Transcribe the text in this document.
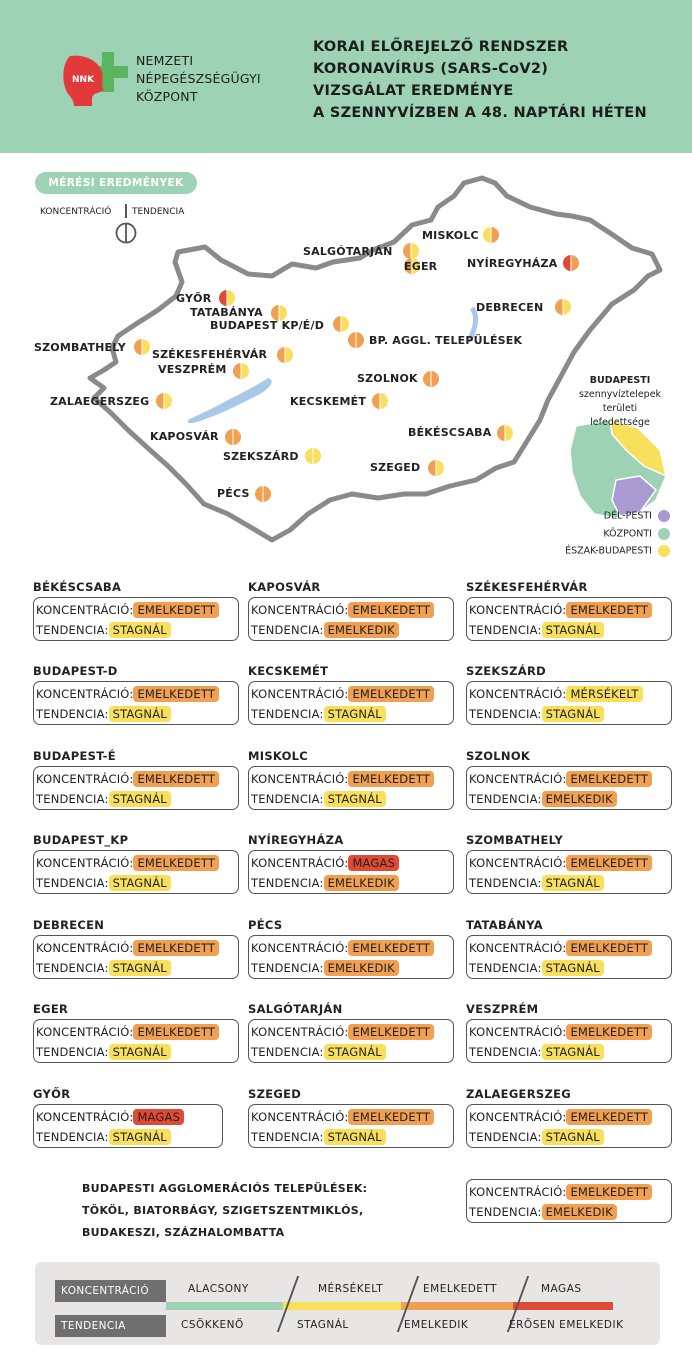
NNK
NEMZETI
NÉPEGÉSZSÉGÜGYI
KÖZPONT
KORAI ELŐREJELZŐ RENDSZER
KORONAVÍRUS (SARS-CoV2)
VIZSGÁLAT EREDMÉNYE
A SZENNYVÍZBEN A 48. NAPTÁRI HÉTEN
MÉRÉSI EREDMÉNYEK
KONCENTRÁCIÓ TENDENCIA
MISKOLC
SALGÓTARJÁN
EGER	NYÍREGYHÁZA
GYŐR
TATABÁNYA
BUDAPEST KP/É/D
BP. AGGL. TELEPÜLÉSEK
DEBRECEN
SZOMBATHELY
SZÉKESFEHÉRVÁR
VESZPRÉM
SZOLNOK
ZALAEGERSZEG	KECSKEMÉT
KAPOSVÁR	BÉKÉSCSABA
SZEKSZÁRD
SZEGED
PÉCS
BUDAPESTI
szennyvíztelepek
területi
lefedettsége
DÉL-PESTI
KÖZPONTI
ÉSZAK-BUDAPESTI
BÉKÉSCSABA
KONCENTRÁCIÓ: EMELKEDETT
TENDENCIA: STAGNÁL
KAPOSVÁR
KONCENTRÁCIÓ: EMELKEDETT
TENDENCIA: EMELKEDIK
SZÉKESFEHÉRVÁR
KONCENTRÁCIÓ: EMELKEDETT
TENDENCIA: STAGNÁL
BUDAPEST-D
KONCENTRÁCIÓ: EMELKEDETT
TENDENCIA: STAGNÁL
KECSKEMÉT
KONCENTRÁCIÓ: EMELKEDETT
TENDENCIA: STAGNÁL
SZEKSZÁRD
KONCENTRÁCIÓ: MÉRSÉKELT
TENDENCIA: STAGNÁL
BUDAPEST-É
KONCENTRÁCIÓ: EMELKEDETT
TENDENCIA: STAGNÁL
MISKOLC
KONCENTRÁCIÓ: EMELKEDETT
TENDENCIA: STAGNÁL
SZOLNOK
KONCENTRÁCIÓ: EMELKEDETT
TENDENCIA: EMELKEDIK
BUDAPEST_KP
KONCENTRÁCIÓ: EMELKEDETT
TENDENCIA: STAGNÁL
NYÍREGYHÁZA
KONCENTRÁCIÓ: MAGAS
TENDENCIA: EMELKEDIK
SZOMBATHELY
KONCENTRÁCIÓ: EMELKEDETT
TENDENCIA: STAGNÁL
DEBRECEN
KONCENTRÁCIÓ: EMELKEDETT
TENDENCIA: STAGNÁL
PÉCS
KONCENTRÁCIÓ: EMELKEDETT
TENDENCIA: EMELKEDIK
TATABÁNYA
KONCENTRÁCIÓ: EMELKEDETT
TENDENCIA: STAGNÁL
EGER
KONCENTRÁCIÓ: EMELKEDETT
TENDENCIA: STAGNÁL
SALGÓTARJÁN
KONCENTRÁCIÓ: EMELKEDETT
TENDENCIA: STAGNÁL
VESZPRÉM
KONCENTRÁCIÓ: EMELKEDETT
TENDENCIA: STAGNÁL
GYŐR
KONCENTRÁCIÓ: MAGAS
TENDENCIA: STAGNÁL
SZEGED
KONCENTRÁCIÓ: EMELKEDETT
TENDENCIA: STAGNÁL
ZALAEGERSZEG
KONCENTRÁCIÓ: EMELKEDETT
TENDENCIA: STAGNÁL
BUDAPESTI AGGLOMERÁCIÓS TELEPÜLÉSEK:
TÖKÖL, BIATORBÁGY, SZIGETSZENTMIKLÓS,
BUDAKESZI, SZÁZHALOMBATTA
KONCENTRÁCIÓ: EMELKEDETT
TENDENCIA: EMELKEDIK
KONCENTRÁCIÓ
TENDENCIA
ALACSONY	MÉRSÉKELT	EMELKEDETT	MAGAS
CSÖKKENŐ	STAGNÁL	EMELKEDIK	ERŐSEN EMELKEDIK
